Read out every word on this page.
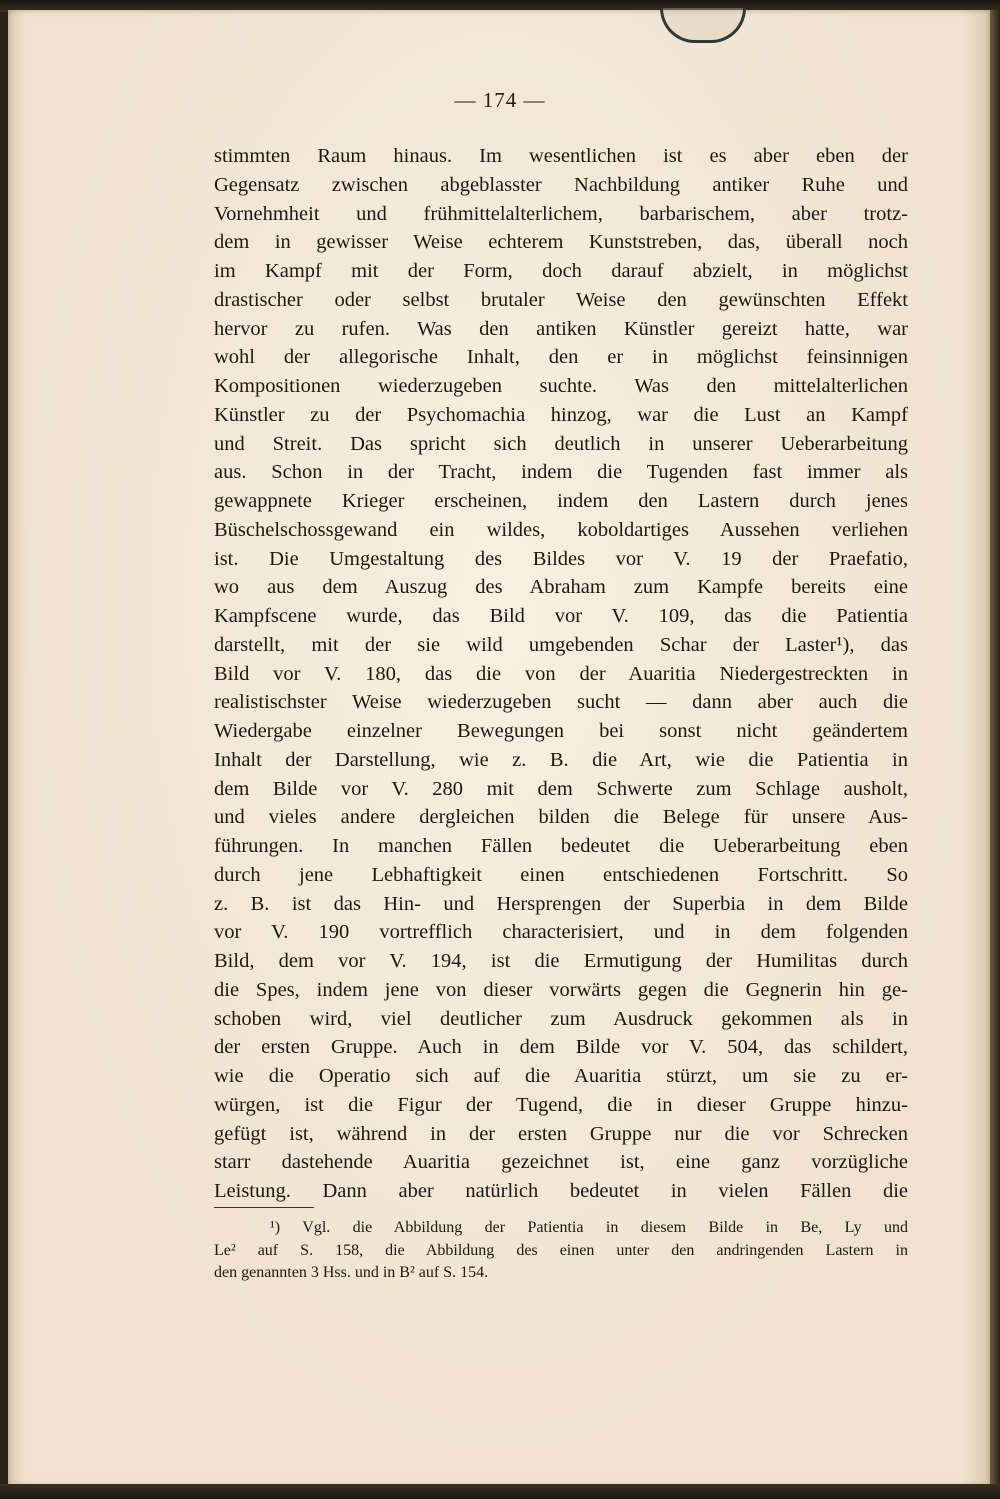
— 174 —
stimmten Raum hinaus. Im wesentlichen ist es aber eben der
Gegensatz zwischen abgeblasster Nachbildung antiker Ruhe und
Vornehmheit und frühmittelalterlichem, barbarischem, aber trotz-
dem in gewisser Weise echterem Kunststreben, das, überall noch
im Kampf mit der Form, doch darauf abzielt, in möglichst
drastischer oder selbst brutaler Weise den gewünschten Effekt
hervor zu rufen. Was den antiken Künstler gereizt hatte, war
wohl der allegorische Inhalt, den er in möglichst feinsinnigen
Kompositionen wiederzugeben suchte. Was den mittelalterlichen
Künstler zu der Psychomachia hinzog, war die Lust an Kampf
und Streit. Das spricht sich deutlich in unserer Ueberarbeitung
aus. Schon in der Tracht, indem die Tugenden fast immer als
gewappnete Krieger erscheinen, indem den Lastern durch jenes
Büschelschossgewand ein wildes, koboldartiges Aussehen verliehen
ist. Die Umgestaltung des Bildes vor V. 19 der Praefatio,
wo aus dem Auszug des Abraham zum Kampfe bereits eine
Kampfscene wurde, das Bild vor V. 109, das die Patientia
darstellt, mit der sie wild umgebenden Schar der Laster¹), das
Bild vor V. 180, das die von der Auaritia Niedergestreckten in
realistischster Weise wiederzugeben sucht — dann aber auch die
Wiedergabe einzelner Bewegungen bei sonst nicht geändertem
Inhalt der Darstellung, wie z. B. die Art, wie die Patientia in
dem Bilde vor V. 280 mit dem Schwerte zum Schlage ausholt,
und vieles andere dergleichen bilden die Belege für unsere Aus-
führungen. In manchen Fällen bedeutet die Ueberarbeitung eben
durch jene Lebhaftigkeit einen entschiedenen Fortschritt. So
z. B. ist das Hin- und Hersprengen der Superbia in dem Bilde
vor V. 190 vortrefflich characterisiert, und in dem folgenden
Bild, dem vor V. 194, ist die Ermutigung der Humilitas durch
die Spes, indem jene von dieser vorwärts gegen die Gegnerin hin ge-
schoben wird, viel deutlicher zum Ausdruck gekommen als in
der ersten Gruppe. Auch in dem Bilde vor V. 504, das schildert,
wie die Operatio sich auf die Auaritia stürzt, um sie zu er-
würgen, ist die Figur der Tugend, die in dieser Gruppe hinzu-
gefügt ist, während in der ersten Gruppe nur die vor Schrecken
starr dastehende Auaritia gezeichnet ist, eine ganz vorzügliche
Leistung. Dann aber natürlich bedeutet in vielen Fällen die
¹) Vgl. die Abbildung der Patientia in diesem Bilde in Be, Ly und
Le² auf S. 158, die Abbildung des einen unter den andringenden Lastern in
den genannten 3 Hss. und in B² auf S. 154.
